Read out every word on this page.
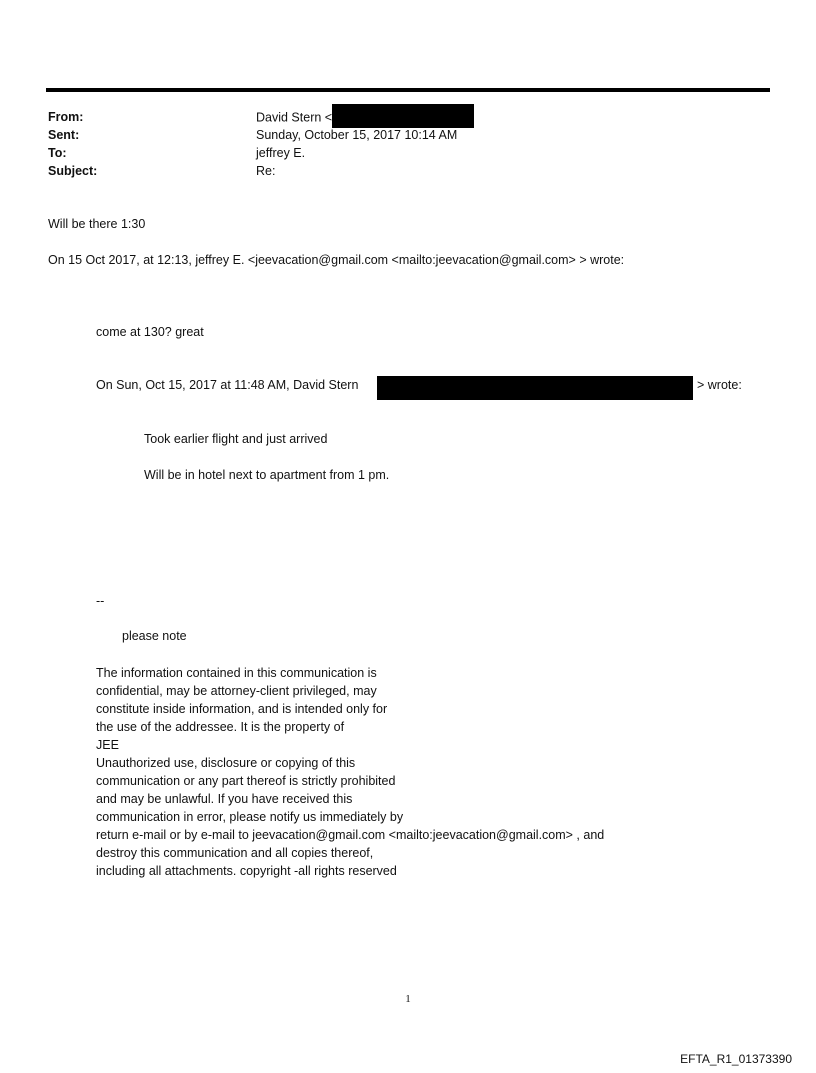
From:	David Stern <
Sent:	Sunday, October 15, 2017 10:14 AM
To:	jeffrey E.
Subject:	Re:
Will be there 1:30
On 15 Oct 2017, at 12:13, jeffrey E. <jeevacation@gmail.com <mailto:jeevacation@gmail.com> > wrote:
come at 130? great
On Sun, Oct 15, 2017 at 11:48 AM, David Stern	> wrote:
Took earlier flight and just arrived
Will be in hotel next to apartment from 1 pm.
--
please note
The information contained in this communication is
confidential, may be attorney-client privileged, may
constitute inside information, and is intended only for
the use of the addressee. It is the property of
JEE
Unauthorized use, disclosure or copying of this
communication or any part thereof is strictly prohibited
and may be unlawful. If you have received this
communication in error, please notify us immediately by
return e-mail or by e-mail to jeevacation@gmail.com <mailto:jeevacation@gmail.com> , and
destroy this communication and all copies thereof,
including all attachments. copyright -all rights reserved
1
EFTA_R1_01373390
